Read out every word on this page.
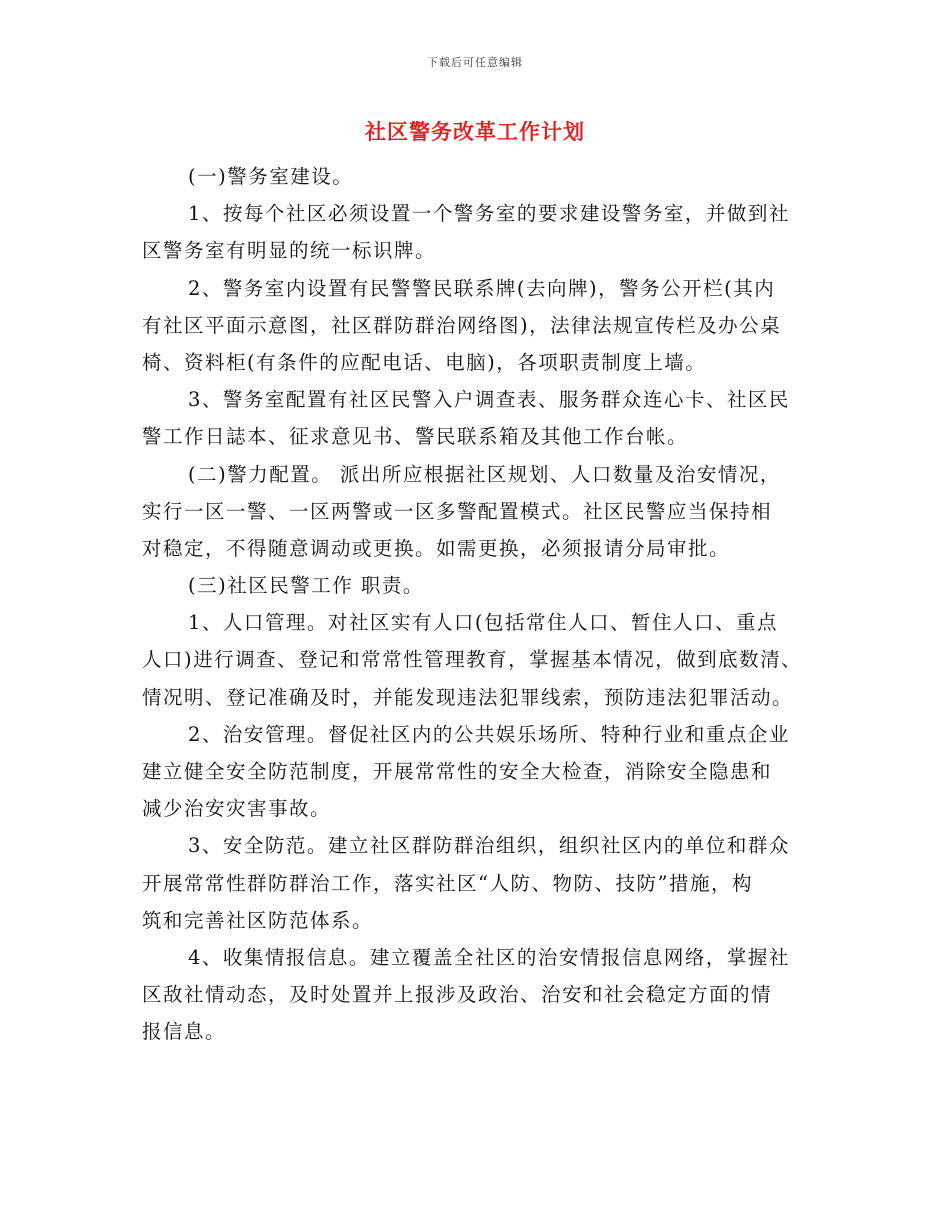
下载后可任意编辑
社区警务改革工作计划
(一)警务室建设。
1、按每个社区必须设置一个警务室的要求建设警务室，并做到社
区警务室有明显的统一标识牌。
2、警务室内设置有民警警民联系牌(去向牌)，警务公开栏(其内
有社区平面示意图，社区群防群治网络图)，法律法规宣传栏及办公桌
椅、资料柜(有条件的应配电话、电脑)，各项职责制度上墙。
3、警务室配置有社区民警入户调查表、服务群众连心卡、社区民
警工作日誌本、征求意见书、警民联系箱及其他工作台帐。
(二)警力配置。 派出所应根据社区规划、人口数量及治安情况，
实行一区一警、一区两警或一区多警配置模式。社区民警应当保持相
对稳定，不得随意调动或更换。如需更换，必须报请分局审批。
(三)社区民警工作 职责。
1、人口管理。对社区实有人口(包括常住人口、暂住人口、重点
人口)进行调查、登记和常常性管理教育，掌握基本情况，做到底数清、
情况明、登记准确及时，并能发现违法犯罪线索，预防违法犯罪活动。
2、治安管理。督促社区内的公共娱乐场所、特种行业和重点企业
建立健全安全防范制度，开展常常性的安全大检查，消除安全隐患和
减少治安灾害事故。
3、安全防范。建立社区群防群治组织，组织社区内的单位和群众
开展常常性群防群治工作，落实社区“人防、物防、技防”措施，构
筑和完善社区防范体系。
4、收集情报信息。建立覆盖全社区的治安情报信息网络，掌握社
区敌社情动态，及时处置并上报涉及政治、治安和社会稳定方面的情
报信息。
